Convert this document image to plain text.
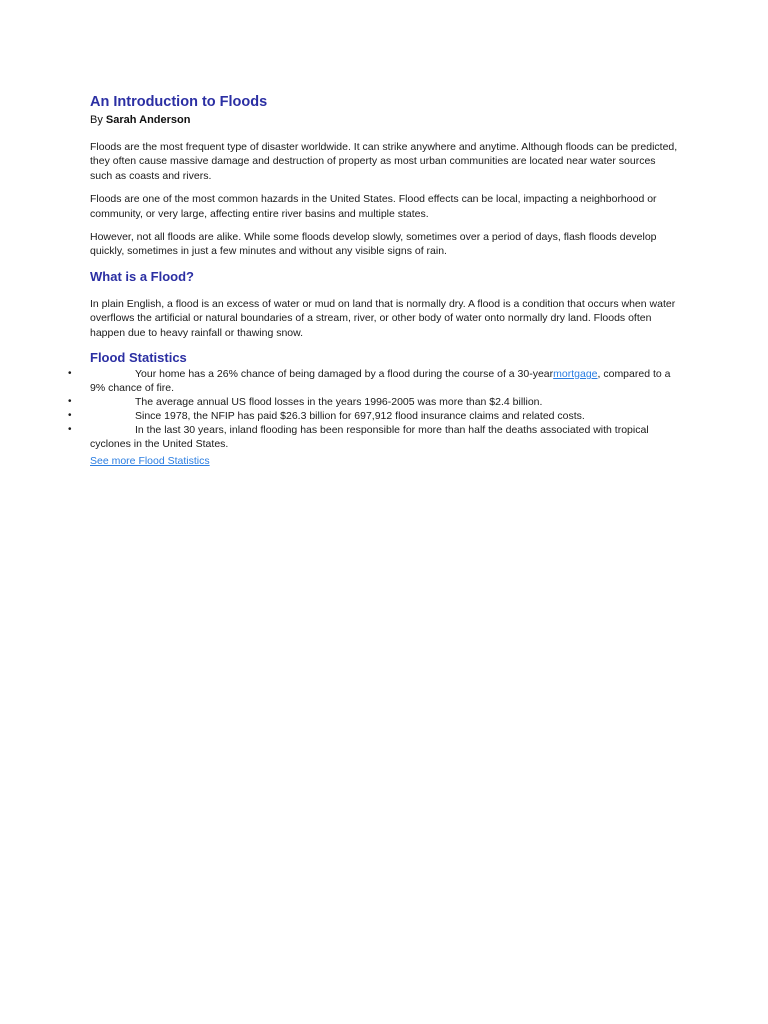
An Introduction to Floods
By Sarah Anderson

Floods are the most frequent type of disaster worldwide. It can strike anywhere and anytime. Although floods can be predicted, they often cause massive damage and destruction of property as most urban communities are located near water sources such as coasts and rivers.

Floods are one of the most common hazards in the United States. Flood effects can be local, impacting a neighborhood or community, or very large, affecting entire river basins and multiple states.

However, not all floods are alike. While some floods develop slowly, sometimes over a period of days, flash floods develop quickly, sometimes in just a few minutes and without any visible signs of rain.

What is a Flood?

In plain English, a flood is an excess of water or mud on land that is normally dry. A flood is a condition that occurs when water overflows the artificial or natural boundaries of a stream, river, or other body of water onto normally dry land. Floods often happen due to heavy rainfall or thawing snow.

Flood Statistics
•	Your home has a 26% chance of being damaged by a flood during the course of a 30-yearmortgage, compared to a 9% chance of fire.
•	The average annual US flood losses in the years 1996-2005 was more than $2.4 billion.
•	Since 1978, the NFIP has paid $26.3 billion for 697,912 flood insurance claims and related costs.
•	In the last 30 years, inland flooding has been responsible for more than half the deaths associated with tropical cyclones in the United States.
See more Flood Statistics
